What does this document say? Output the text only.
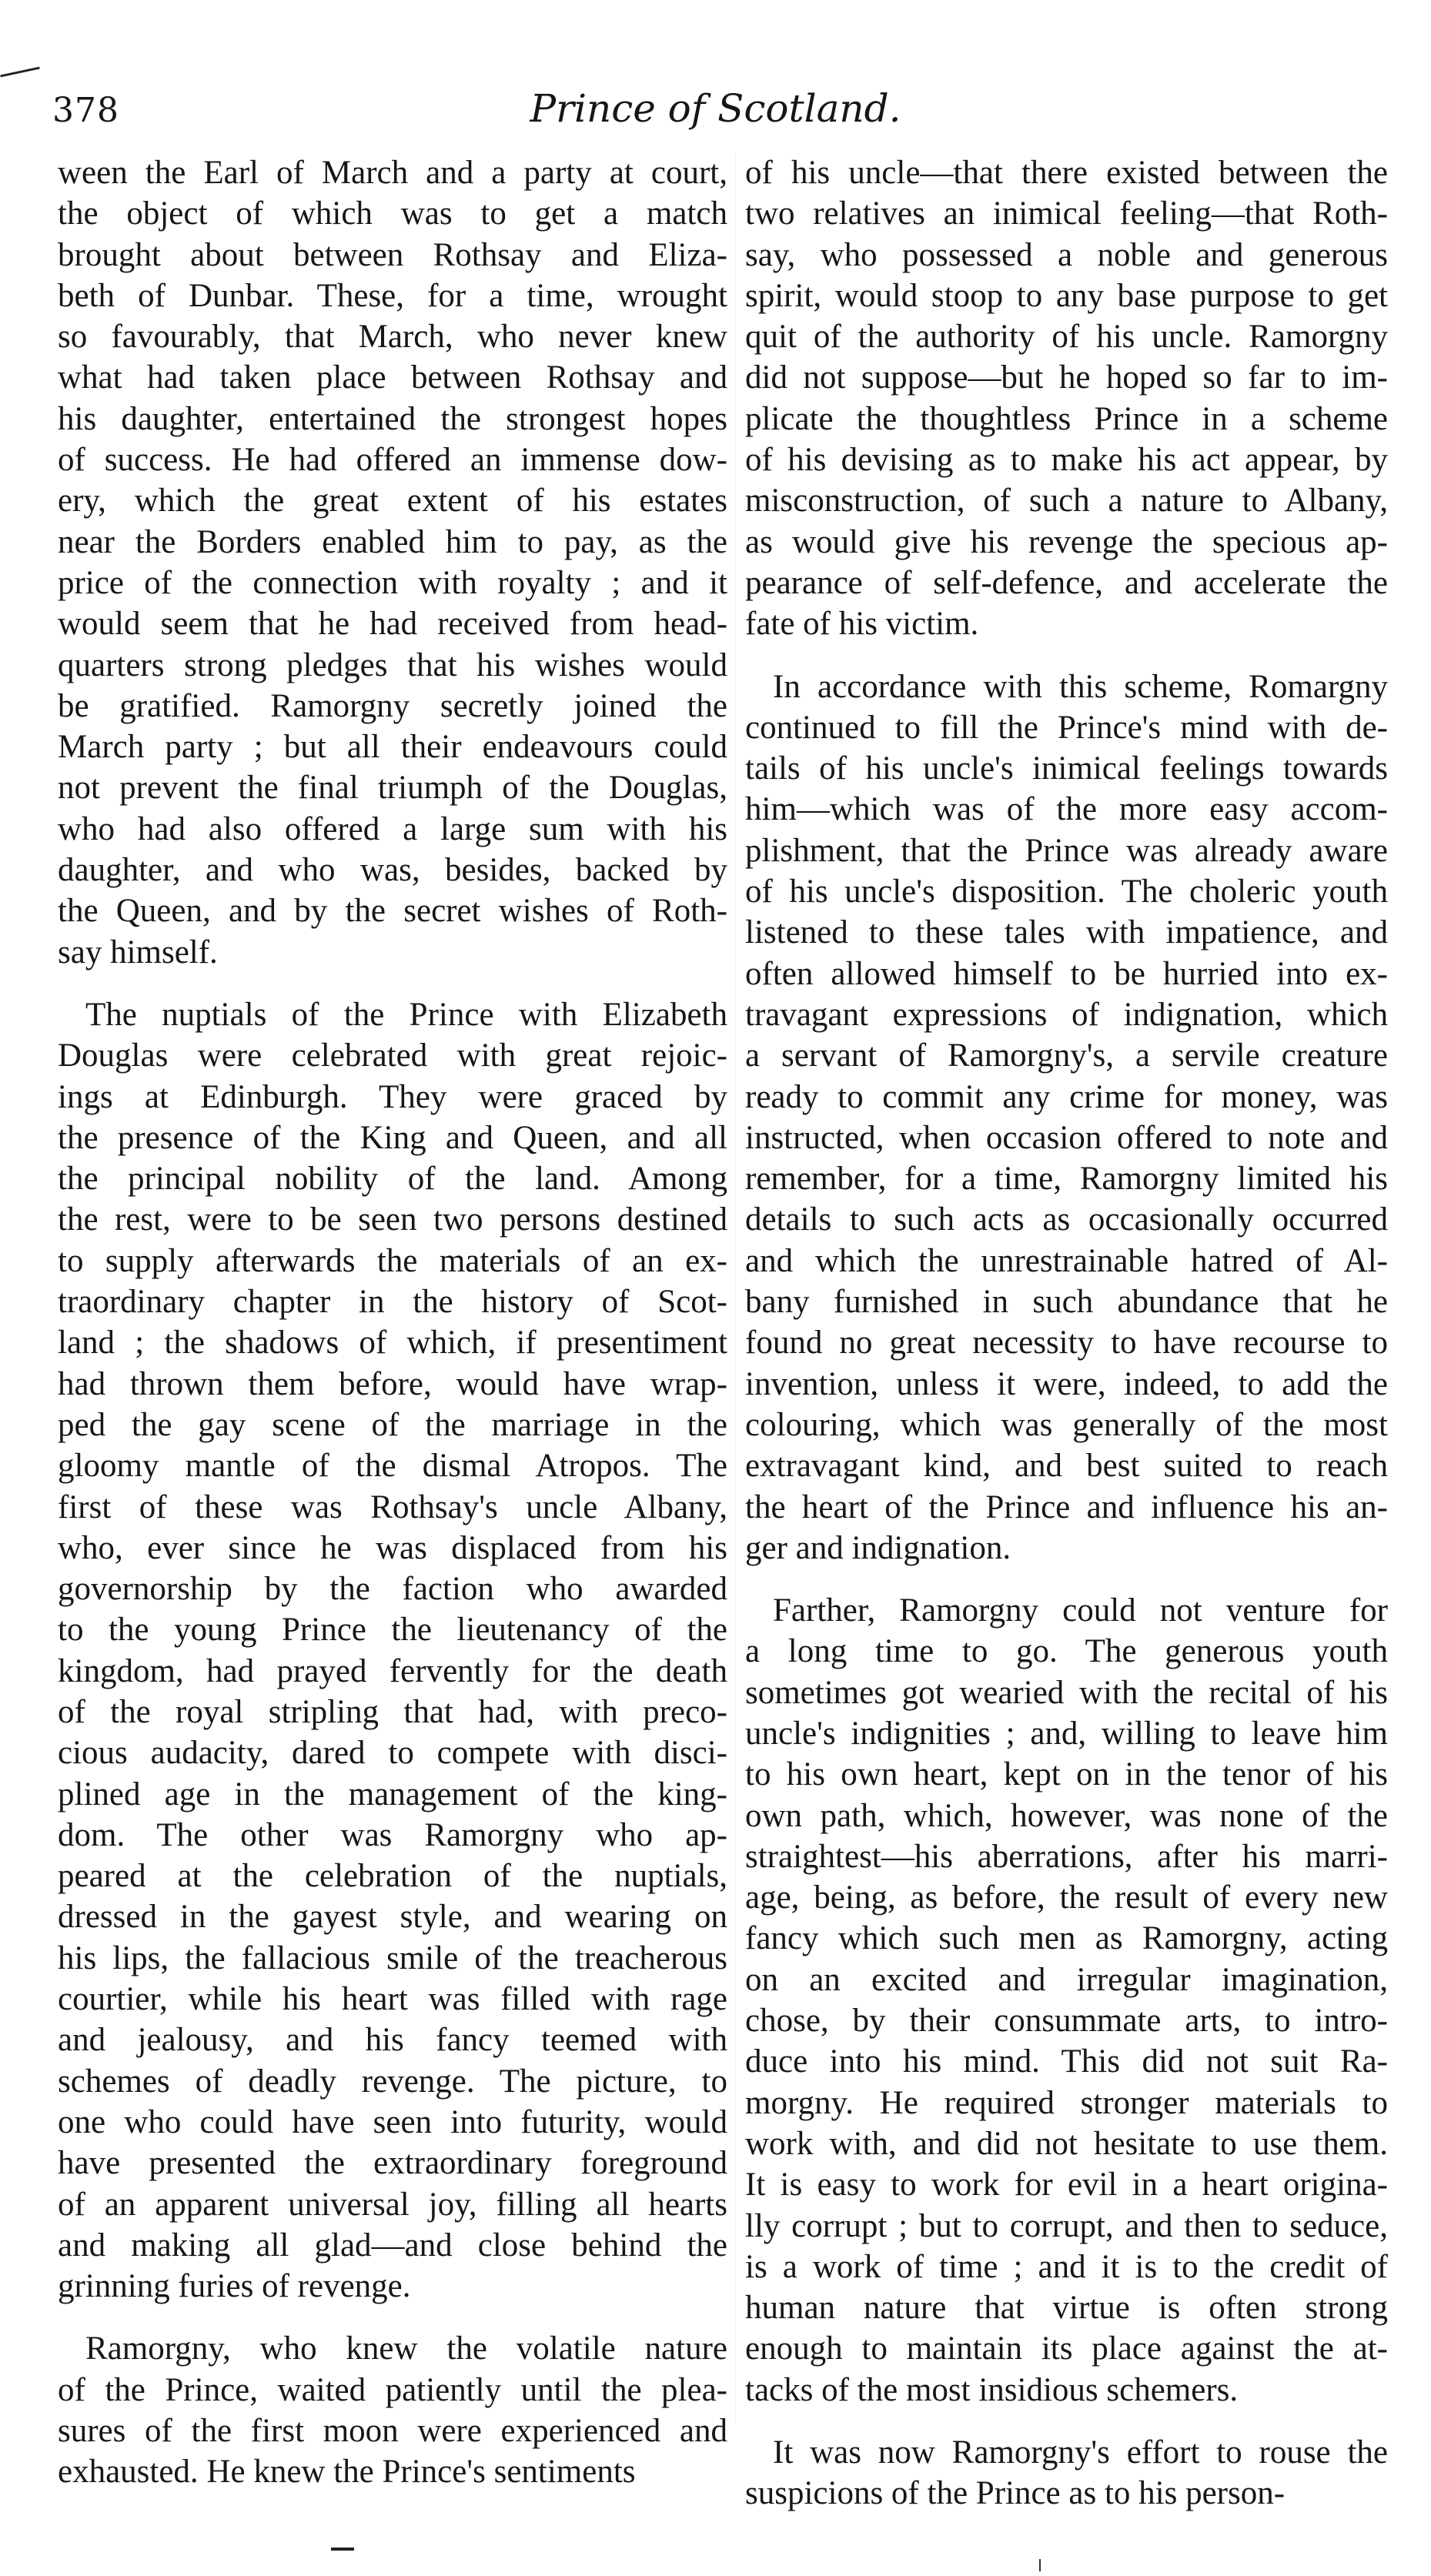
378	Prince of Scotland.
ween the Earl of March and a party at court,
the object of which was to get a match
brought about between Rothsay and Eliza-
beth of Dunbar. These, for a time, wrought
so favourably, that March, who never knew
what had taken place between Rothsay and
his daughter, entertained the strongest hopes
of success. He had offered an immense dow-
ery, which the great extent of his estates
near the Borders enabled him to pay, as the
price of the connection with royalty ; and it
would seem that he had received from head-
quarters strong pledges that his wishes would
be gratified. Ramorgny secretly joined the
March party ; but all their endeavours could
not prevent the final triumph of the Douglas,
who had also offered a large sum with his
daughter, and who was, besides, backed by
the Queen, and by the secret wishes of Roth-
say himself.
The nuptials of the Prince with Elizabeth
Douglas were celebrated with great rejoic-
ings at Edinburgh. They were graced by
the presence of the King and Queen, and all
the principal nobility of the land. Among
the rest, were to be seen two persons destined
to supply afterwards the materials of an ex-
traordinary chapter in the history of Scot-
land ; the shadows of which, if presentiment
had thrown them before, would have wrap-
ped the gay scene of the marriage in the
gloomy mantle of the dismal Atropos. The
first of these was Rothsay's uncle Albany,
who, ever since he was displaced from his
governorship by the faction who awarded
to the young Prince the lieutenancy of the
kingdom, had prayed fervently for the death
of the royal stripling that had, with preco-
cious audacity, dared to compete with disci-
plined age in the management of the king-
dom. The other was Ramorgny who ap-
peared at the celebration of the nuptials,
dressed in the gayest style, and wearing on
his lips, the fallacious smile of the treacherous
courtier, while his heart was filled with rage
and jealousy, and his fancy teemed with
schemes of deadly revenge. The picture, to
one who could have seen into futurity, would
have presented the extraordinary foreground
of an apparent universal joy, filling all hearts
and making all glad—and close behind the
grinning furies of revenge.
Ramorgny, who knew the volatile nature
of the Prince, waited patiently until the plea-
sures of the first moon were experienced and
exhausted. He knew the Prince's sentiments
of his uncle—that there existed between the
two relatives an inimical feeling—that Roth-
say, who possessed a noble and generous
spirit, would stoop to any base purpose to get
quit of the authority of his uncle. Ramorgny
did not suppose—but he hoped so far to im-
plicate the thoughtless Prince in a scheme
of his devising as to make his act appear, by
misconstruction, of such a nature to Albany,
as would give his revenge the specious ap-
pearance of self-defence, and accelerate the
fate of his victim.
In accordance with this scheme, Romargny
continued to fill the Prince's mind with de-
tails of his uncle's inimical feelings towards
him—which was of the more easy accom-
plishment, that the Prince was already aware
of his uncle's disposition. The choleric youth
listened to these tales with impatience, and
often allowed himself to be hurried into ex-
travagant expressions of indignation, which
a servant of Ramorgny's, a servile creature
ready to commit any crime for money, was
instructed, when occasion offered to note and
remember, for a time, Ramorgny limited his
details to such acts as occasionally occurred
and which the unrestrainable hatred of Al-
bany furnished in such abundance that he
found no great necessity to have recourse to
invention, unless it were, indeed, to add the
colouring, which was generally of the most
extravagant kind, and best suited to reach
the heart of the Prince and influence his an-
ger and indignation.
Farther, Ramorgny could not venture for
a long time to go. The generous youth
sometimes got wearied with the recital of his
uncle's indignities ; and, willing to leave him
to his own heart, kept on in the tenor of his
own path, which, however, was none of the
straightest—his aberrations, after his marri-
age, being, as before, the result of every new
fancy which such men as Ramorgny, acting
on an excited and irregular imagination,
chose, by their consummate arts, to intro-
duce into his mind. This did not suit Ra-
morgny. He required stronger materials to
work with, and did not hesitate to use them.
It is easy to work for evil in a heart origina-
lly corrupt ; but to corrupt, and then to seduce,
is a work of time ; and it is to the credit of
human nature that virtue is often strong
enough to maintain its place against the at-
tacks of the most insidious schemers.
It was now Ramorgny's effort to rouse the
suspicions of the Prince as to his person-
